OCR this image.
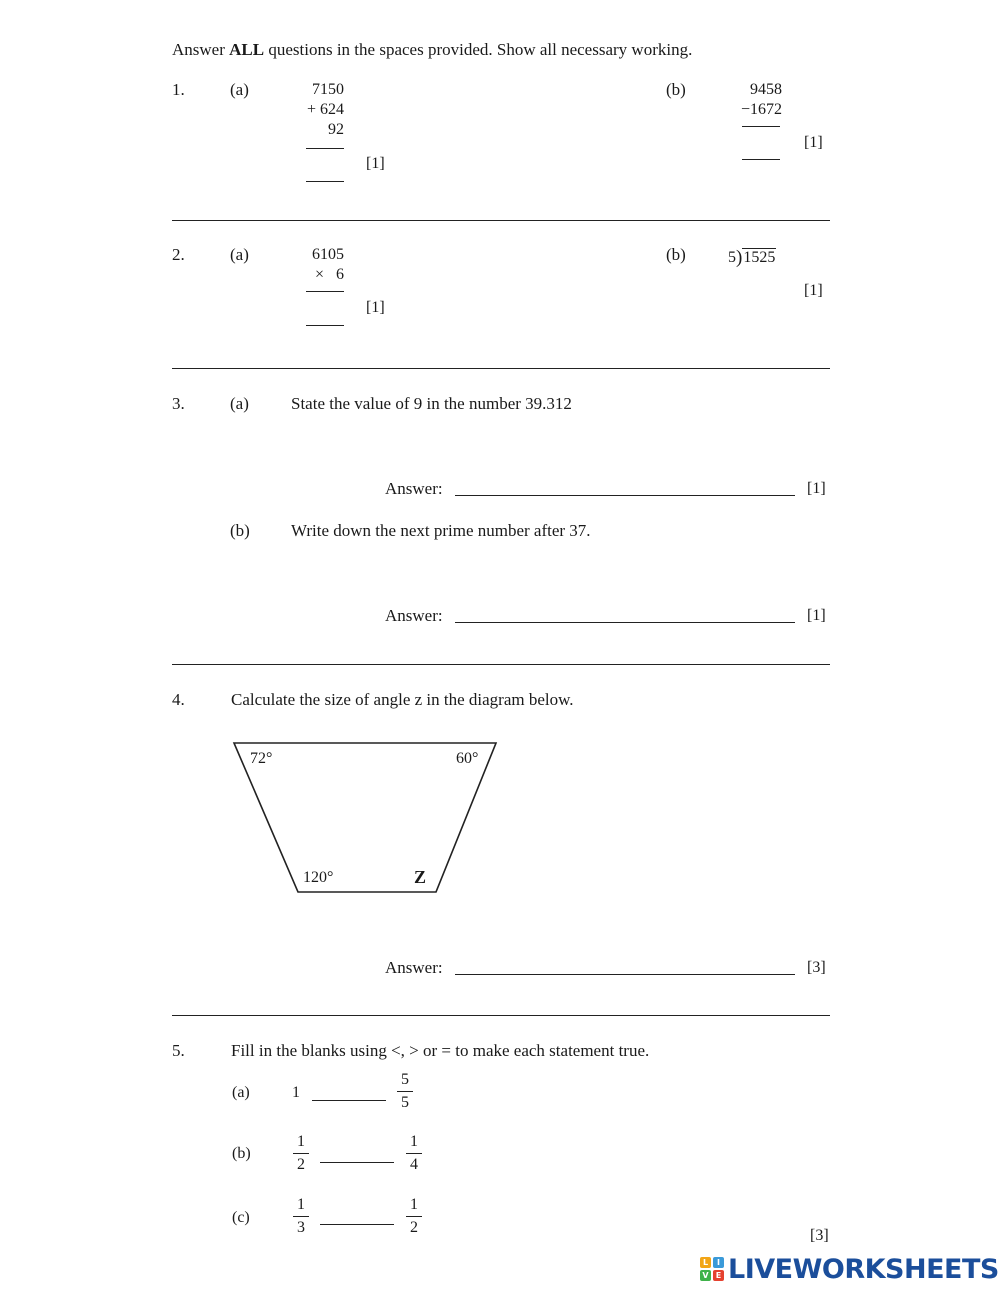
Answer ALL questions in the spaces provided. Show all necessary working.
1.	(a)	7150
+ 624
92
[1]
(b)	9458
−1672
[1]
2.	(a)	6105
×   6
[1]
(b)	5)1525
[1]
3.	(a) State the value of 9 in the number 39.312
Answer:	[1]
(b) Write down the next prime number after 37.
Answer:	[1]
4.	Calculate the size of angle z in the diagram below.
72°	60°
120°	Z
Answer:	[3]
5.	Fill in the blanks using <, > or = to make each statement true.
(a)	1
5
5
(b)
1
2
1
4
(c)
1
3
1
2	[3]
L	I
V E LIVEWORKSHEETS
